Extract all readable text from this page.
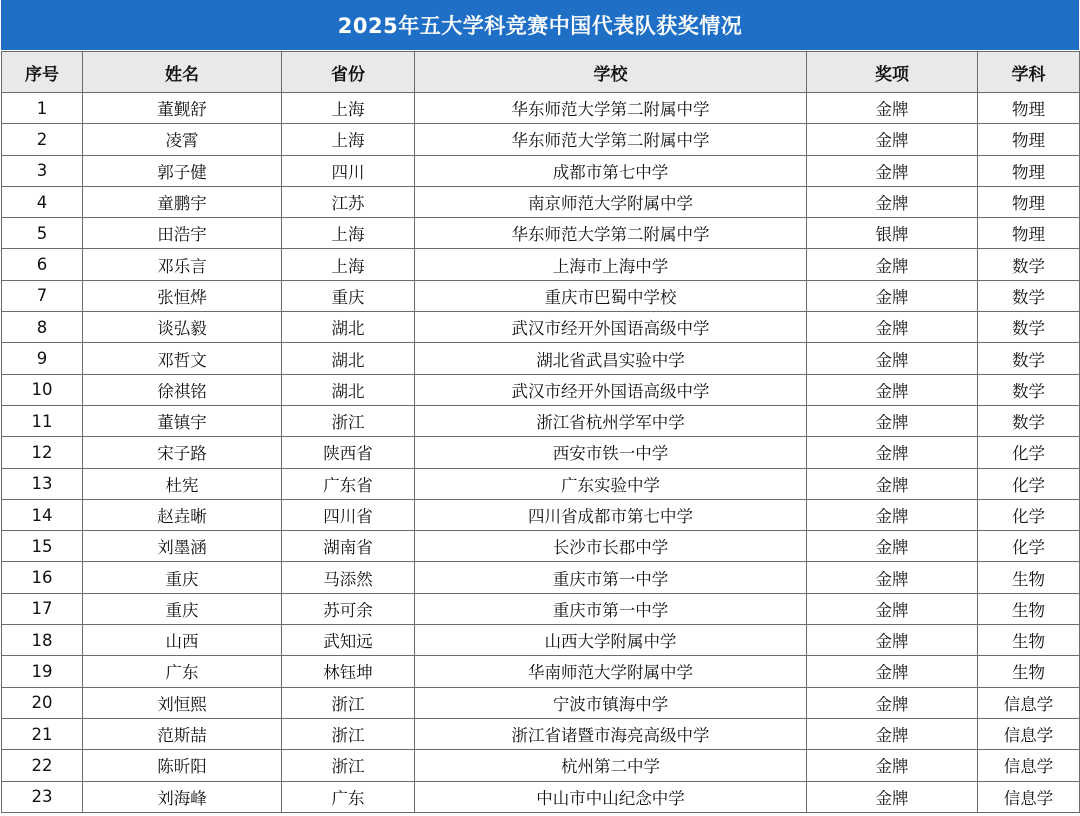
2025年五大学科竞赛中国代表队获奖情况
序号	姓名	省份	学校	奖项	学科
1	董觐舒	上海	华东师范大学第二附属中学	金牌	物理
2	凌霄	上海	华东师范大学第二附属中学	金牌	物理
3	郭子健	四川	成都市第七中学	金牌	物理
4	童鹏宇	江苏	南京师范大学附属中学	金牌	物理
5	田浩宇	上海	华东师范大学第二附属中学	银牌	物理
6	邓乐言	上海	上海市上海中学	金牌	数学
7	张恒烨	重庆	重庆市巴蜀中学校	金牌	数学
8	谈弘毅	湖北	武汉市经开外国语高级中学	金牌	数学
9	邓哲文	湖北	湖北省武昌实验中学	金牌	数学
10	徐祺铭	湖北	武汉市经开外国语高级中学	金牌	数学
11	董镇宇	浙江	浙江省杭州学军中学	金牌	数学
12	宋子路	陕西省	西安市铁一中学	金牌	化学
13	杜宪	广东省	广东实验中学	金牌	化学
14	赵垚晰	四川省	四川省成都市第七中学	金牌	化学
15	刘墨涵	湖南省	长沙市长郡中学	金牌	化学
16	重庆	马添然	重庆市第一中学	金牌	生物
17	重庆	苏可余	重庆市第一中学	金牌	生物
18	山西	武知远	山西大学附属中学	金牌	生物
19	广东	林钰坤	华南师范大学附属中学	金牌	生物
20	刘恒熙	浙江	宁波市镇海中学	金牌	信息学
21	范斯喆	浙江	浙江省诸暨市海亮高级中学	金牌	信息学
22	陈昕阳	浙江	杭州第二中学	金牌	信息学
23	刘海峰	广东	中山市中山纪念中学	金牌	信息学
